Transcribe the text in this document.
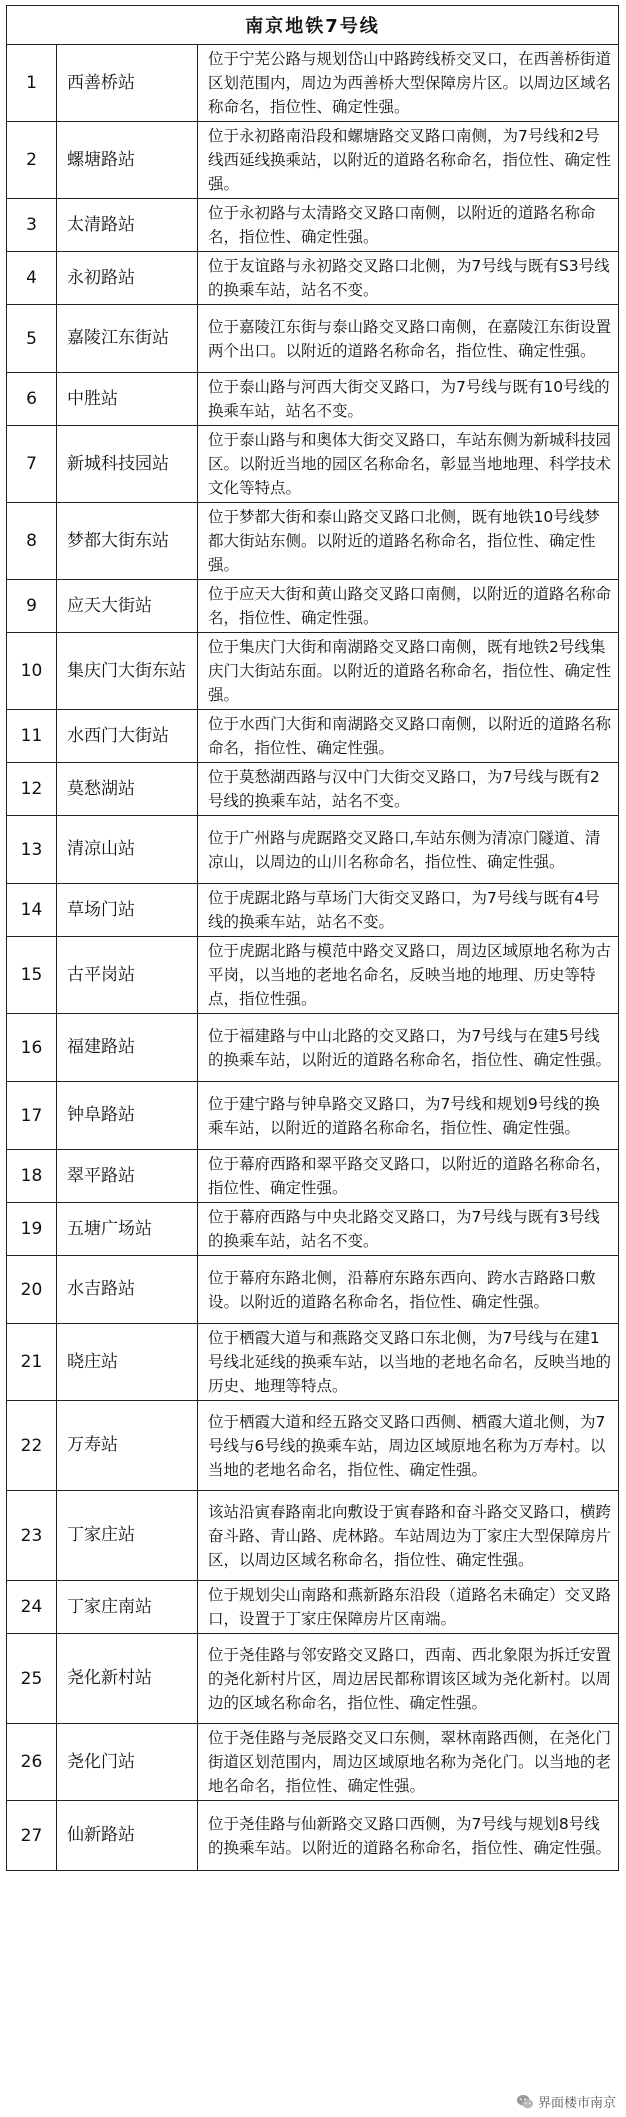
南京地铁7号线		
1	西善桥站	位于宁芜公路与规划岱山中路跨线桥交叉口，在西善桥街道区划范围内，周边为西善桥大型保障房片区。以周边区域名称命名，指位性、确定性强。
2	螺塘路站	位于永初路南沿段和螺塘路交叉路口南侧，为7号线和2号线西延线换乘站，以附近的道路名称命名，指位性、确定性强。
3	太清路站	位于永初路与太清路交叉路口南侧，以附近的道路名称命名，指位性、确定性强。
4	永初路站	位于友谊路与永初路交叉路口北侧，为7号线与既有S3号线的换乘车站，站名不变。
5	嘉陵江东街站	位于嘉陵江东街与泰山路交叉路口南侧，在嘉陵江东街设置两个出口。以附近的道路名称命名，指位性、确定性强。
6	中胜站	位于泰山路与河西大街交叉路口，为7号线与既有10号线的换乘车站，站名不变。
7	新城科技园站	位于泰山路与和奥体大街交叉路口，车站东侧为新城科技园区。以附近当地的园区名称命名，彰显当地地理、科学技术文化等特点。
8	梦都大街东站	位于梦都大街和泰山路交叉路口北侧，既有地铁10号线梦都大街站东侧。以附近的道路名称命名，指位性、确定性强。
9	应天大街站	位于应天大街和黄山路交叉路口南侧，以附近的道路名称命名，指位性、确定性强。
10	集庆门大街东站	位于集庆门大街和南湖路交叉路口南侧，既有地铁2号线集庆门大街站东面。以附近的道路名称命名，指位性、确定性强。
11	水西门大街站	位于水西门大街和南湖路交叉路口南侧，以附近的道路名称命名，指位性、确定性强。
12	莫愁湖站	位于莫愁湖西路与汉中门大街交叉路口，为7号线与既有2号线的换乘车站，站名不变。
13	清凉山站	位于广州路与虎踞路交叉路口,车站东侧为清凉门隧道、清凉山，以周边的山川名称命名，指位性、确定性强。
14	草场门站	位于虎踞北路与草场门大街交叉路口，为7号线与既有4号线的换乘车站，站名不变。
15	古平岗站	位于虎踞北路与模范中路交叉路口，周边区域原地名称为古平岗，以当地的老地名命名，反映当地的地理、历史等特点，指位性强。
16	福建路站	位于福建路与中山北路的交叉路口，为7号线与在建5号线的换乘车站，以附近的道路名称命名，指位性、确定性强。
17	钟阜路站	位于建宁路与钟阜路交叉路口，为7号线和规划9号线的换乘车站，以附近的道路名称命名，指位性、确定性强。
18	翠平路站	位于幕府西路和翠平路交叉路口，以附近的道路名称命名，指位性、确定性强。
19	五塘广场站	位于幕府西路与中央北路交叉路口，为7号线与既有3号线的换乘车站，站名不变。
20	水吉路站	位于幕府东路北侧，沿幕府东路东西向、跨水吉路路口敷设。以附近的道路名称命名，指位性、确定性强。
21	晓庄站	位于栖霞大道与和燕路交叉路口东北侧，为7号线与在建1号线北延线的换乘车站，以当地的老地名命名，反映当地的历史、地理等特点。
22	万寿站	位于栖霞大道和经五路交叉路口西侧、栖霞大道北侧，为7号线与6号线的换乘车站，周边区域原地名称为万寿村。以当地的老地名命名，指位性、确定性强。
23	丁家庄站	该站沿寅春路南北向敷设于寅春路和奋斗路交叉路口，横跨奋斗路、青山路、虎林路。车站周边为丁家庄大型保障房片区，以周边区域名称命名，指位性、确定性强。
24	丁家庄南站	位于规划尖山南路和燕新路东沿段（道路名未确定）交叉路口，设置于丁家庄保障房片区南端。
25	尧化新村站	位于尧佳路与邻安路交叉路口，西南、西北象限为拆迁安置的尧化新村片区，周边居民都称谓该区域为尧化新村。以周边的区域名称命名，指位性、确定性强。
26	尧化门站	位于尧佳路与尧辰路交叉口东侧，翠林南路西侧，在尧化门街道区划范围内，周边区域原地名称为尧化门。以当地的老地名命名，指位性、确定性强。
27	仙新路站	位于尧佳路与仙新路交叉路口西侧，为7号线与规划8号线的换乘车站。以附近的道路名称命名，指位性、确定性强。
界面楼市南京
